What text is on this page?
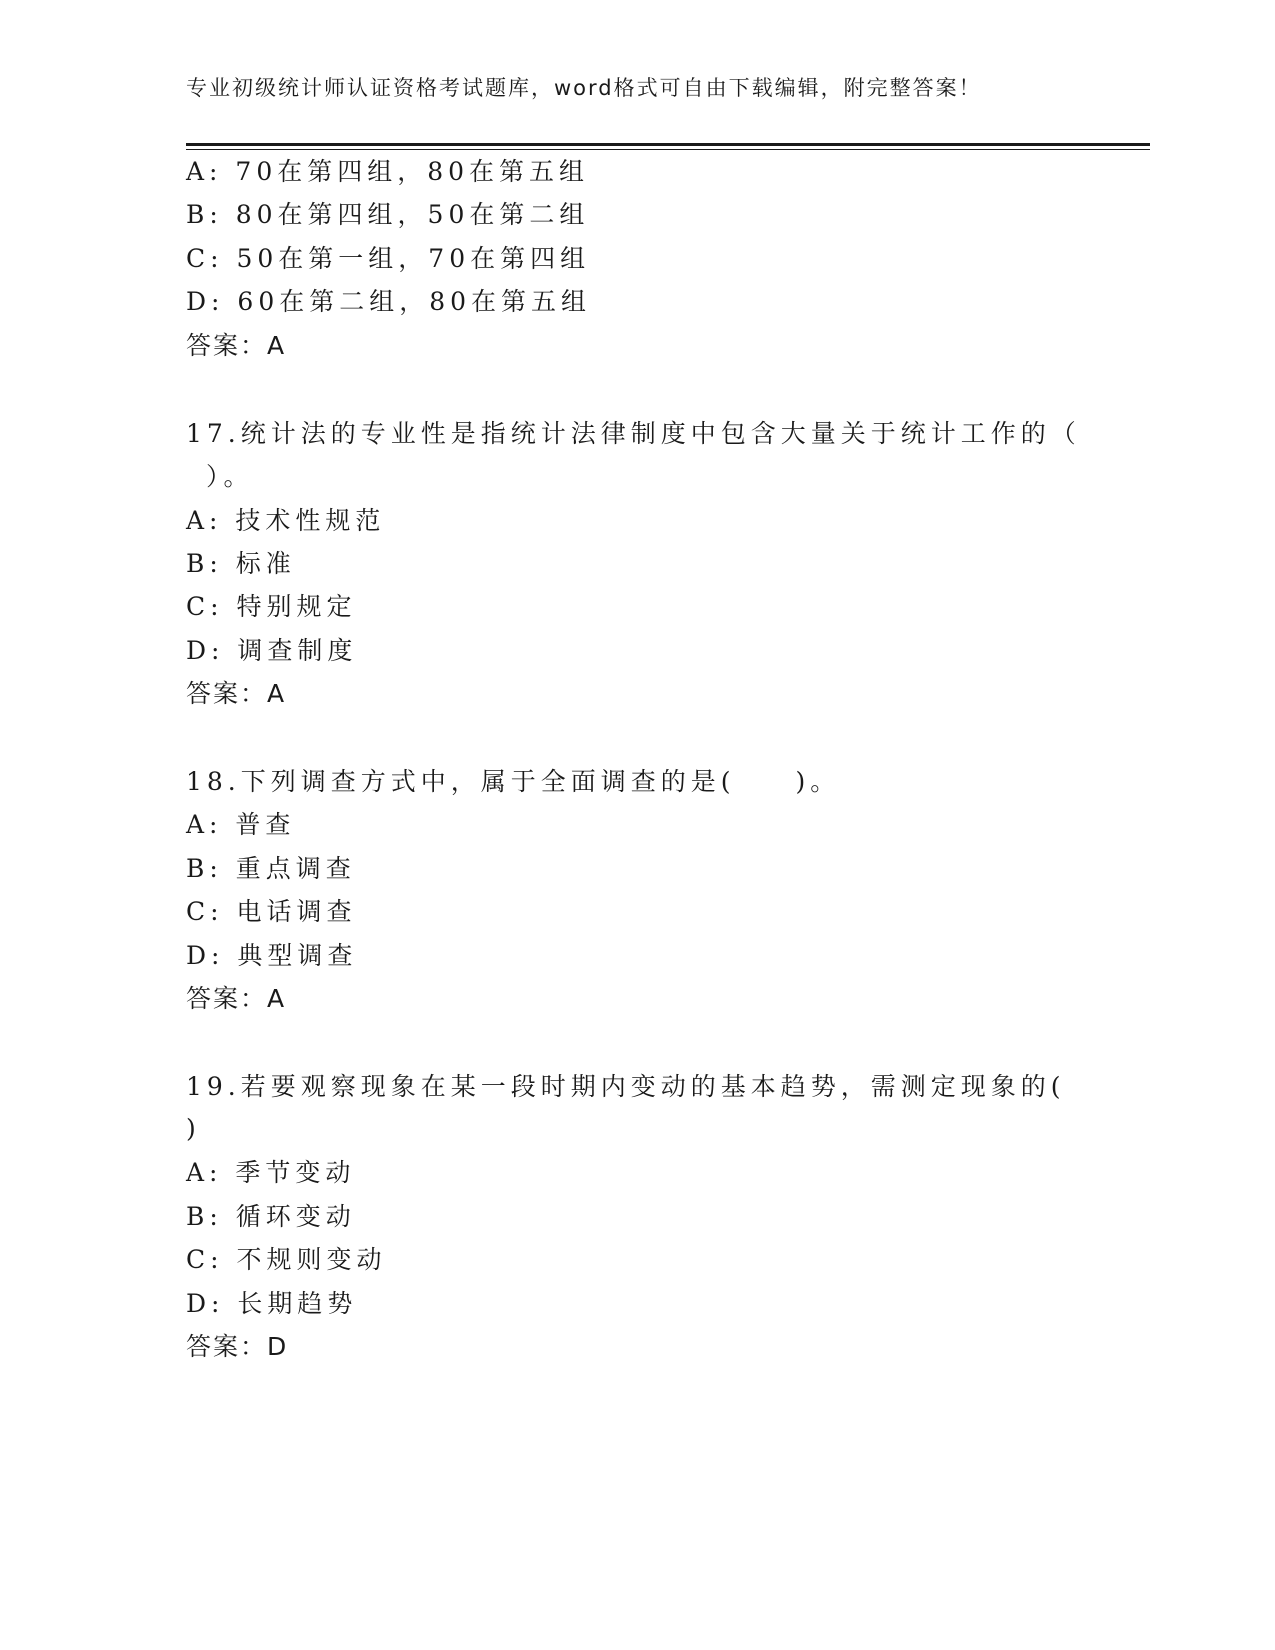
专业初级统计师认证资格考试题库，word格式可自由下载编辑，附完整答案！
A: 70在第四组，80在第五组
B: 80在第四组，50在第二组
C: 50在第一组，70在第四组
D: 60在第二组，80在第五组
答案：A
17.统计法的专业性是指统计法律制度中包含大量关于统计工作的（
）。
A: 技术性规范
B: 标准
C: 特别规定
D: 调查制度
答案：A
18.下列调查方式中，属于全面调查的是(　　)。
A: 普查
B: 重点调查
C: 电话调查
D: 典型调查
答案：A
19.若要观察现象在某一段时期内变动的基本趋势，需测定现象的(
)
A: 季节变动
B: 循环变动
C: 不规则变动
D: 长期趋势
答案：D
